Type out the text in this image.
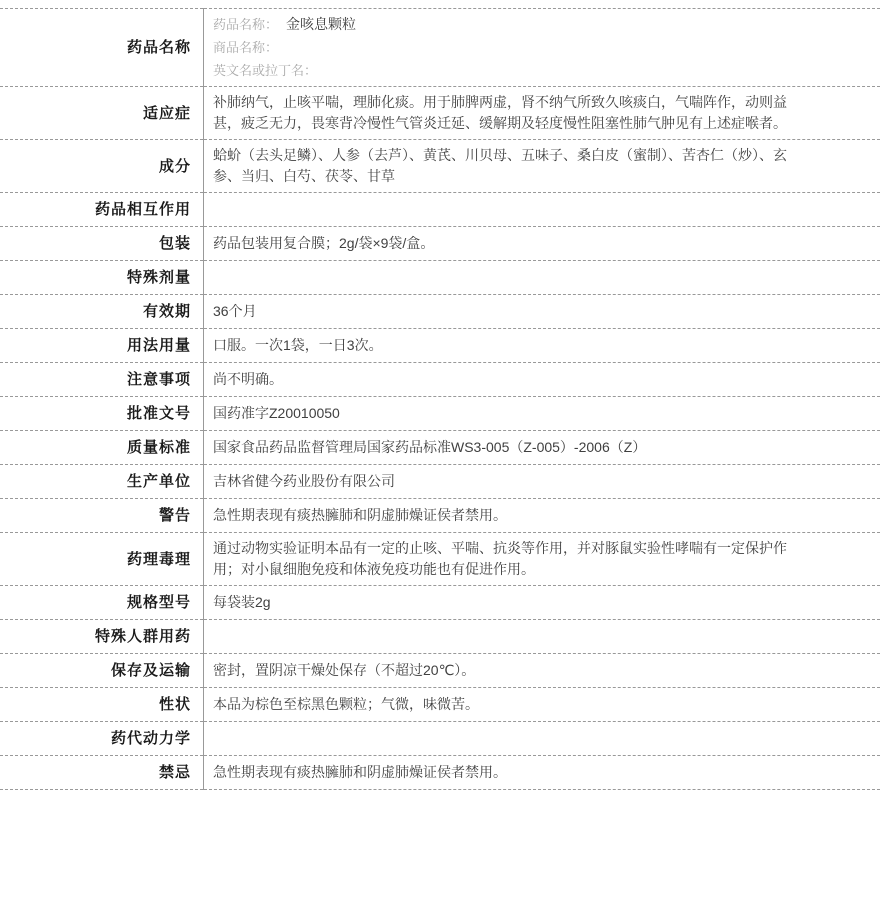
药品名称	
药品名称： 金咳息颗粒
商品名称：
英文名或拉丁名：

适应症	补肺纳气，止咳平喘，理肺化痰。用于肺脾两虚，肾不纳气所致久咳痰白，气喘阵作，动则益甚，疲乏无力，畏寒背冷慢性气管炎迁延、缓解期及轻度慢性阻塞性肺气肿见有上述症喉者。
成分	蛤蚧（去头足鳞）、人参（去芦）、黄芪、川贝母、五味子、桑白皮（蜜制）、苦杏仁（炒）、玄参、当归、白芍、茯苓、甘草
药品相互作用	
包装	药品包装用复合膜；2g/袋×9袋/盒。
特殊剂量	
有效期	36个月
用法用量	口服。一次1袋，一日3次。
注意事项	尚不明确。
批准文号	国药准字Z20010050
质量标准	国家食品药品监督管理局国家药品标准WS3-005（Z-005）-2006（Z）
生产单位	吉林省健今药业股份有限公司
警告	急性期表现有痰热臃肺和阴虚肺燥证侯者禁用。
药理毒理	通过动物实验证明本品有一定的止咳、平喘、抗炎等作用，并对豚鼠实验性哮喘有一定保护作用；对小鼠细胞免疫和体液免疫功能也有促进作用。
规格型号	每袋装2g
特殊人群用药	
保存及运输	密封，置阴凉干燥处保存（不超过20℃）。
性状	本品为棕色至棕黑色颗粒；气微，味微苦。
药代动力学	
禁忌	急性期表现有痰热臃肺和阴虚肺燥证侯者禁用。
